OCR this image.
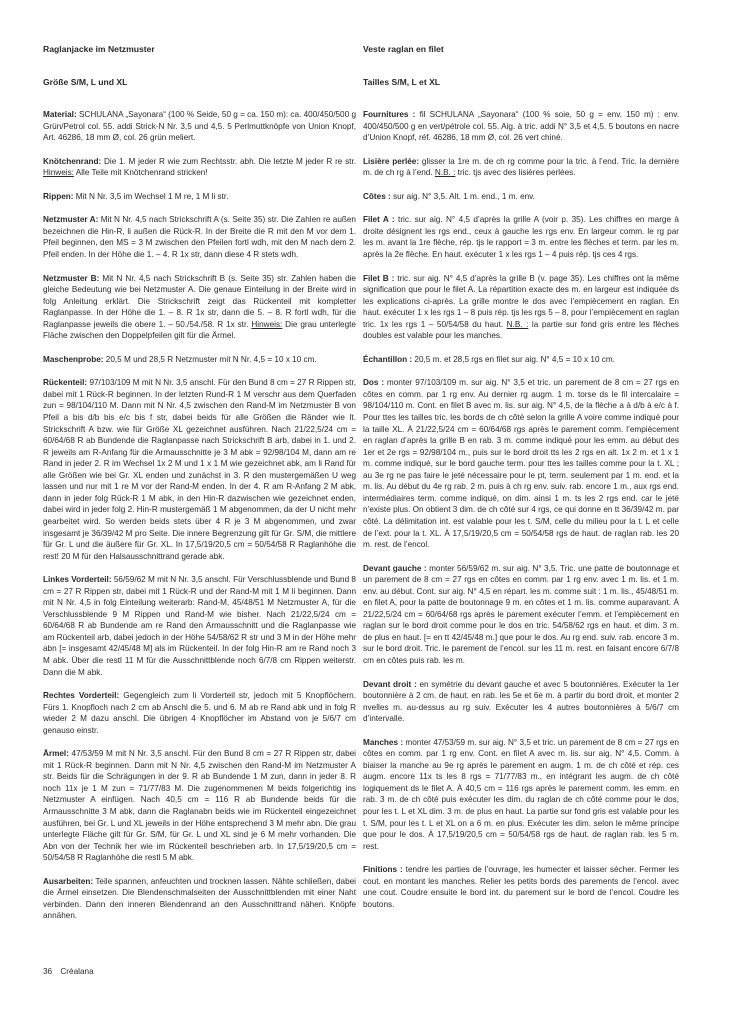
Raglanjacke im Netzmuster
Größe S/M, L und XL
Material: SCHULANA „Sayonara“ (100 % Seide, 50 g = ca. 150 m): ca. 400/450/500 g Grün/Petrol col. 55. addi Strick-N Nr. 3,5 und 4,5. 5 Perlmuttknöpfe von Union Knopf, Art. 46286, 18 mm Ø, col. 26 grün meliert.
Knötchenrand: Die 1. M jeder R wie zum Rechtsstr. abh. Die letzte M jeder R re str. Hinweis: Alle Teile mit Knötchenrand stricken!
Rippen: Mit N Nr. 3,5 im Wechsel 1 M re, 1 M li str.
Netzmuster A: Mit N Nr. 4,5 nach Strickschrift A (s. Seite 35) str. Die Zahlen re außen bezeichnen die Hin-R, li außen die Rück-R. In der Breite die R mit den M vor dem 1. Pfeil beginnen, den MS = 3 M zwischen den Pfeilen fortl wdh, mit den M nach dem 2. Pfeil enden. In der Höhe die 1. – 4. R 1x str, dann diese 4 R stets wdh.
Netzmuster B: Mit N Nr. 4,5 nach Strickschrift B (s. Seite 35) str. Zahlen haben die gleiche Bedeutung wie bei Netzmuster A. Die genaue Einteilung in der Breite wird in folg Anleitung erklärt. Die Strickschrift zeigt das Rückenteil mit kompletter Raglanpasse. In der Höhe die 1. – 8. R 1x str, dann die 5. – 8. R fortl wdh, für die Raglanpasse jeweils die obere 1. – 50./54./58. R 1x str. Hinweis: Die grau unterlegte Fläche zwischen den Doppelpfeilen gilt für die Ärmel.
Maschenprobe: 20,5 M und 28,5 R Netzmuster mit N Nr. 4,5 = 10 x 10 cm.
Rückenteil: 97/103/109 M mit N Nr. 3,5 anschl. Für den Bund 8 cm = 27 R Rippen str, dabei mit 1 Rück-R beginnen. In der letzten Rund-R 1 M verschr aus dem Querfaden zun = 98/104/110 M. Dann mit N Nr. 4,5 zwischen den Rand-M im Netzmuster B von Pfeil a bis d/b bis e/c bis f str, dabei beids für alle Größen die Ränder wie lt. Strickschrift A bzw. wie für Größe XL gezeichnet ausführen. Nach 21/22,5/24 cm = 60/64/68 R ab Bundende die Raglanpasse nach Strickschrift B arb, dabei in 1. und 2. R jeweils am R-Anfang für die Armausschnitte je 3 M abk = 92/98/104 M, dann am re Rand in jeder 2. R im Wechsel 1x 2 M und 1 x 1 M wie gezeichnet abk, am li Rand für alle Größen wie bei Gr. XL enden und zunächst in 3. R den mustergemäßen U weg lassen und nur mit 1 re M vor der Rand-M enden. In der 4. R am R-Anfang 2 M abk, dann in jeder folg Rück-R 1 M abk, in den Hin-R dazwischen wie gezeichnet enden, dabei wird in jeder folg 2. Hin-R mustergemäß 1 M abgenommen, da der U nicht mehr gearbeitet wird. So werden beids stets über 4 R je 3 M abgenommen, und zwar insgesamt je 36/39/42 M pro Seite. Die innere Begrenzung gilt für Gr. S/M, die mittlere für Gr. L und die äußere für Gr. XL. In 17,5/19/20,5 cm = 50/54/58 R Raglanhöhe die rest! 20 M für den Halsausschnittrand gerade abk.
Linkes Vorderteil: 56/59/62 M mit N Nr. 3,5 anschl. Für Verschlussblende und Bund 8 cm = 27 R Rippen str, dabei mit 1 Rück-R und der Rand-M mit 1 M li beginnen. Dann mit N Nr. 4,5 in folg Einteilung weiterarb: Rand-M, 45/48/51 M Netzmuster A, für die Verschlussblende 9 M Rippen und Rand-M wie bisher. Nach 21/22,5/24 cm = 60/64/68 R ab Bundende am re Rand den Armausschnitt und die Raglanpasse wie am Rückenteil arb, dabei jedoch in der Höhe 54/58/62 R str und 3 M in der Höhe mehr abn [= insgesamt 42/45/48 M] als im Rückenteil. In der folg Hin-R am re Rand noch 3 M abk. Über die restl 11 M für die Ausschnittblende noch 6/7/8 cm Rippen weiterstr. Dann die M abk.
Rechtes Vorderteil: Gegengleich zum li Vorderteil str, jedoch mit 5 Knopflöchern. Fürs 1. Knopfloch nach 2 cm ab Anschl die 5. und 6. M ab re Rand abk und in folg R wieder 2 M dazu anschl. Die übrigen 4 Knopflöcher im Abstand von je 5/6/7 cm genauso einstr.
Ärmel: 47/53/59 M mit N Nr. 3,5 anschl. Für den Bund 8 cm = 27 R Rippen str, dabei mit 1 Rück-R beginnen. Dann mit N Nr. 4,5 zwischen den Rand-M im Netzmuster A str. Beids für die Schrägungen in der 9. R ab Bundende 1 M zun, dann in jeder 8. R noch 11x je 1 M zun = 71/77/83 M. Die zugenommenen M beids folgerichtig ins Netzmuster A einfügen. Nach 40,5 cm = 116 R ab Bundende beids für die Armausschnitte 3 M abk, dann die Raglanabn beids wie im Rückenteil eingezeichnet ausführen, bei Gr. L und XL jeweils in der Höhe entsprechend 3 M mehr abn. Die grau unterlegte Fläche gilt für Gr. S/M, für Gr. L und XL sind je 6 M mehr vorhanden. Die Abn von der Technik her wie im Rückenteil beschrieben arb. In 17,5/19/20,5 cm = 50/54/58 R Raglanhöhe die restl 5 M abk.
Ausarbeiten: Teile spannen, anfeuchten und trocknen lassen. Nähte schließen, dabei die Ärmel einsetzen. Die Blendenschmalseiten der Ausschnittblenden mit einer Naht verbinden. Dann den inneren Blendenrand an den Ausschnittrand nähen. Knöpfe annähen.
Veste raglan en filet
Tailles S/M, L et XL
Fournitures : fil SCHULANA „Sayonara“ (100 % soie, 50 g = env. 150 m) : env. 400/450/500 g en vert/pétrole col. 55. Aig. à tric. addi N° 3,5 et 4,5. 5 boutons en nacre d’Union Knopf, réf. 46286, 18 mm Ø, col. 26 vert chiné.
Lisière perlée: glisser la 1re m. de ch rg comme pour la tric. à l’end. Tric. la dernière m. de ch rg à l’end. N.B. : tric. tjs avec des lisières perlées.
Côtes : sur aig. N° 3,5. Alt. 1 m. end., 1 m. env.
Filet A : tric. sur aig. N° 4,5 d’après la grille A (voir p. 35). Les chiffres en marge à droite désignent les rgs end., ceux à gauche les rgs env. En largeur comm. le rg par les m. avant la 1re flèche, rép. tjs le rapport = 3 m. entre les flèches et term. par les m. après la 2e flèche. En haut. exécuter 1 x les rgs 1 – 4 puis rép. tjs ces 4 rgs.
Filet B : tric. sur aig. N° 4,5 d’après la grille B (v. page 35). Les chiffres ont la même signification que pour le filet A. La répartition exacte des m. en largeur est indiquée ds les explications ci-après. La grille montre le dos avec l’empiècement en raglan. En haut. exécuter 1 x les rgs 1 – 8 puis rép. tjs les rgs 5 – 8, pour l’empiècement en raglan tric. 1x les rgs 1 – 50/54/58 du haut. N.B. : la partie sur fond gris entre les flèches doubles est valable pour les manches.
Échantillon : 20,5 m. et 28,5 rgs en filet sur aig. N° 4,5 = 10 x 10 cm.
Dos : monter 97/103/109 m. sur aig. N° 3,5 et tric. un parement de 8 cm = 27 rgs en côtes en comm. par 1 rg env. Au dernier rg augm. 1 m. torse ds le fil intercalaire = 98/104/110 m. Cont. en filet B avec m. lis. sur aig. N° 4,5, de la flèche a à d/b à e/c à f. Pour ttes les tailles tric. les bords de ch côté selon la grille A voire comme indiqué pour la taille XL. À 21/22,5/24 cm = 60/64/68 rgs après le parement comm. l’empiècement en raglan d’après la grille B en rab. 3 m. comme indiqué pour les emm. au début des 1er et 2e rgs = 92/98/104 m., puis sur le bord droit tts les 2 rgs en alt. 1x 2 m. et 1 x 1 m. comme indiqué, sur le bord gauche term. pour ttes les tailles comme pour la t. XL ; au 3e rg ne pas faire le jeté nécessaire pour le pt, term. seulement par 1 m. end. et la m. lis. Au début du 4e rg rab. 2 m. puis à ch rg env. suiv. rab. encore 1 m., aux rgs end. intermédiaires term. comme indiqué, on dim. ainsi 1 m. ts les 2 rgs end. car le jeté n’existe plus. On obtient 3 dim. de ch côté sur 4 rgs, ce qui donne en tt 36/39/42 m. par côté. La délimitation int. est valable pour les t. S/M, celle du milieu pour la t. L et celle de l’ext. pour la t. XL. À 17,5/19/20,5 cm = 50/54/58 rgs de haut. de raglan rab. les 20 m. rest. de l’encol.
Devant gauche : monter 56/59/62 m. sur aig. N° 3,5. Tric. une patte de boutonnage et un parement de 8 cm = 27 rgs en côtes en comm. par 1 rg env. avec 1 m. lis. et 1 m. env. au début. Cont. sur aig. N° 4,5 en répart. les m. comme suit : 1 m. lis., 45/48/51 m. en filet A, pour la patte de boutonnage 9 m. en côtes et 1 m. lis. comme auparavant. À 21/22,5/24 cm = 60/64/68 rgs après le parement exécuter l’emm. et l’empiècement en raglan sur le bord droit comme pour le dos en tric. 54/58/62 rgs en haut. et dim. 3 m. de plus en haut. [= en tt 42/45/48 m.] que pour le dos. Au rg end. suiv. rab. encore 3 m. sur le bord droit. Tric. le parement de l’encol. sur les 11 m. rest. en faisant encore 6/7/8 cm en côtes puis rab. les m.
Devant droit : en symétrie du devant gauche et avec 5 boutonnières. Exécuter la 1er boutonnière à 2 cm. de haut. en rab. les 5e et 6e m. à partir du bord droit, et monter 2 nvelles m. au-dessus au rg suiv. Exécuter les 4 autres boutonnières à 5/6/7 cm d’intervalle.
Manches : monter 47/53/59 m. sur aig. N° 3,5 et tric. un parement de 8 cm = 27 rgs en côtes en comm. par 1 rg env. Cont. en filet A avec m. lis. sur aig. N° 4,5. Comm. à biaiser la manche au 9e rg après le parement en augm. 1 m. de ch côté et rép. ces augm. encore 11x ts les 8 rgs = 71/77/83 m., en intégrant les augm. de ch côté logiquement ds le filet A. À 40,5 cm = 116 rgs après le parement comm. les emm. en rab. 3 m. de ch côté puis exécuter les dim. du raglan de ch côté comme pour le dos, pour les t. L et XL dim. 3 m. de plus en haut. La partie sur fond gris est valable pour les t. S/M, pour les t. L et XL on a 6 m. en plus. Exécuter les dim. selon le même principe que pour le dos. À 17,5/19/20,5 cm = 50/54/58 rgs de haut. de raglan rab. les 5 m. rest.
Finitions : tendre les parties de l’ouvrage, les humecter et laisser sécher. Fermer les cout. en montant les manches. Relier les petits bords des parements de l’encol. avec une cout. Coudre ensuite le bord int. du parement sur le bord de l’encol. Coudre les boutons.
36 Créalana
